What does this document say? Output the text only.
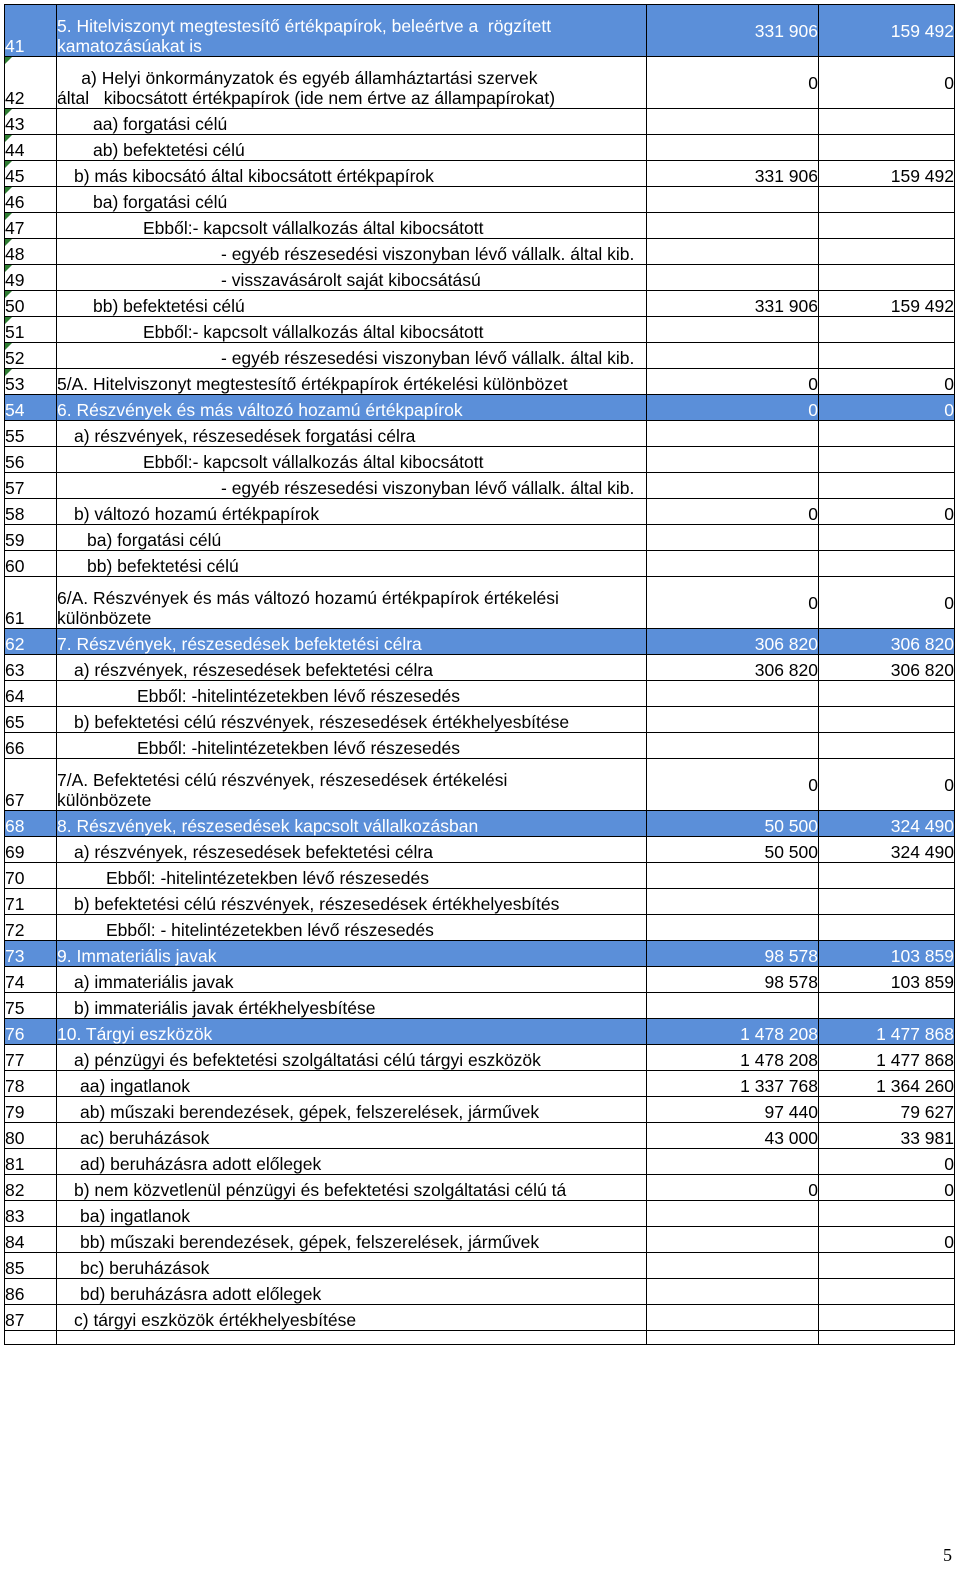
41	5. Hitelviszonyt megtestesítő értékpapírok, beleértve a  rögzített
kamatozásúakat is	331 906	159 492
42	a) Helyi önkormányzatok és egyéb államháztartási szervek
által   kibocsátott értékpapírok (ide nem értve az állampapírokat)	0	0
43	aa) forgatási célú		

44	ab) befektetési célú		

45	b) más kibocsátó által kibocsátott értékpapírok	331 906	159 492
46	ba) forgatási célú		

47	Ebből:- kapcsolt vállalkozás által kibocsátott		

48	- egyéb részesedési viszonyban lévő vállalk. által kib.		

49	- visszavásárolt saját kibocsátású		

50	bb) befektetési célú	331 906	159 492
51	Ebből:- kapcsolt vállalkozás által kibocsátott		

52	- egyéb részesedési viszonyban lévő vállalk. által kib.		

53	5/A. Hitelviszonyt megtestesítő értékpapírok értékelési különbözet	0	0
54	6. Részvények és más változó hozamú értékpapírok	0	0
55	a) részvények, részesedések forgatási célra		

56	Ebből:- kapcsolt vállalkozás által kibocsátott		

57	- egyéb részesedési viszonyban lévő vállalk. által kib.		

58	b) változó hozamú értékpapírok	0	0
59	ba) forgatási célú		

60	bb) befektetési célú		

61	6/A. Részvények és más változó hozamú értékpapírok értékelési
különbözete	0	0
62	7. Részvények, részesedések befektetési célra	306 820	306 820
63	a) részvények, részesedések befektetési célra	306 820	306 820
64	Ebből: -hitelintézetekben lévő részesedés		

65	b) befektetési célú részvények, részesedések értékhelyesbítése		

66	Ebből: -hitelintézetekben lévő részesedés		

67	7/A. Befektetési célú részvények, részesedések értékelési
különbözete	0	0
68	8. Részvények, részesedések kapcsolt vállalkozásban	50 500	324 490
69	a) részvények, részesedések befektetési célra	50 500	324 490
70	Ebből: -hitelintézetekben lévő részesedés		

71	b) befektetési célú részvények, részesedések értékhelyesbítés		

72	Ebből: - hitelintézetekben lévő részesedés		

73	9. Immateriális javak	98 578	103 859
74	a) immateriális javak	98 578	103 859
75	b) immateriális javak értékhelyesbítése		

76	10. Tárgyi eszközök	1 478 208	1 477 868
77	a) pénzügyi és befektetési szolgáltatási célú tárgyi eszközök	1 478 208	1 477 868
78	aa) ingatlanok	1 337 768	1 364 260
79	ab) műszaki berendezések, gépek, felszerelések, járművek	97 440	79 627
80	ac) beruházások	43 000	33 981
81	ad) beruházásra adott előlegek		0
82	b) nem közvetlenül pénzügyi és befektetési szolgáltatási célú tá	0	0
83	ba) ingatlanok		

84	bb) műszaki berendezések, gépek, felszerelések, járművek		0
85	bc) beruházások		

86	bd) beruházásra adott előlegek		

87	c) tárgyi eszközök értékhelyesbítése		

5
